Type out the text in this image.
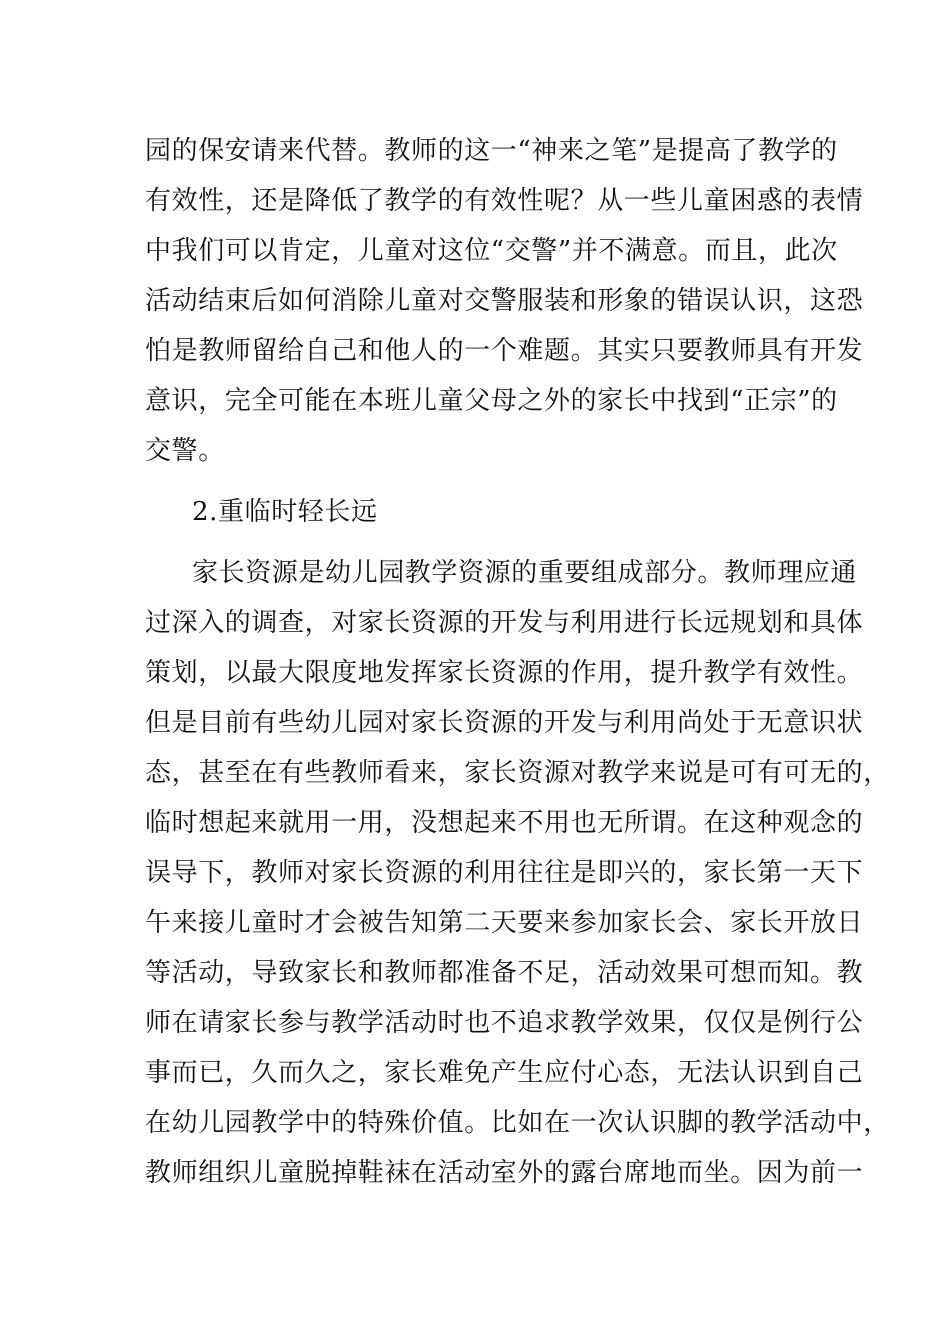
园的保安请来代替。教师的这一“神来之笔”是提高了教学的
有效性，还是降低了教学的有效性呢？从一些儿童困惑的表情
中我们可以肯定，儿童对这位“交警”并不满意。而且，此次
活动结束后如何消除儿童对交警服装和形象的错误认识，这恐
怕是教师留给自己和他人的一个难题。其实只要教师具有开发
意识，完全可能在本班儿童父母之外的家长中找到“正宗”的
交警。
2.重临时轻长远
家长资源是幼儿园教学资源的重要组成部分。教师理应通
过深入的调查，对家长资源的开发与利用进行长远规划和具体
策划，以最大限度地发挥家长资源的作用，提升教学有效性。
但是目前有些幼儿园对家长资源的开发与利用尚处于无意识状
态，甚至在有些教师看来，家长资源对教学来说是可有可无的，
临时想起来就用一用，没想起来不用也无所谓。在这种观念的
误导下，教师对家长资源的利用往往是即兴的，家长第一天下
午来接儿童时才会被告知第二天要来参加家长会、家长开放日
等活动，导致家长和教师都准备不足，活动效果可想而知。教
师在请家长参与教学活动时也不追求教学效果，仅仅是例行公
事而已，久而久之，家长难免产生应付心态，无法认识到自己
在幼儿园教学中的特殊价值。比如在一次认识脚的教学活动中，
教师组织儿童脱掉鞋袜在活动室外的露台席地而坐。因为前一
